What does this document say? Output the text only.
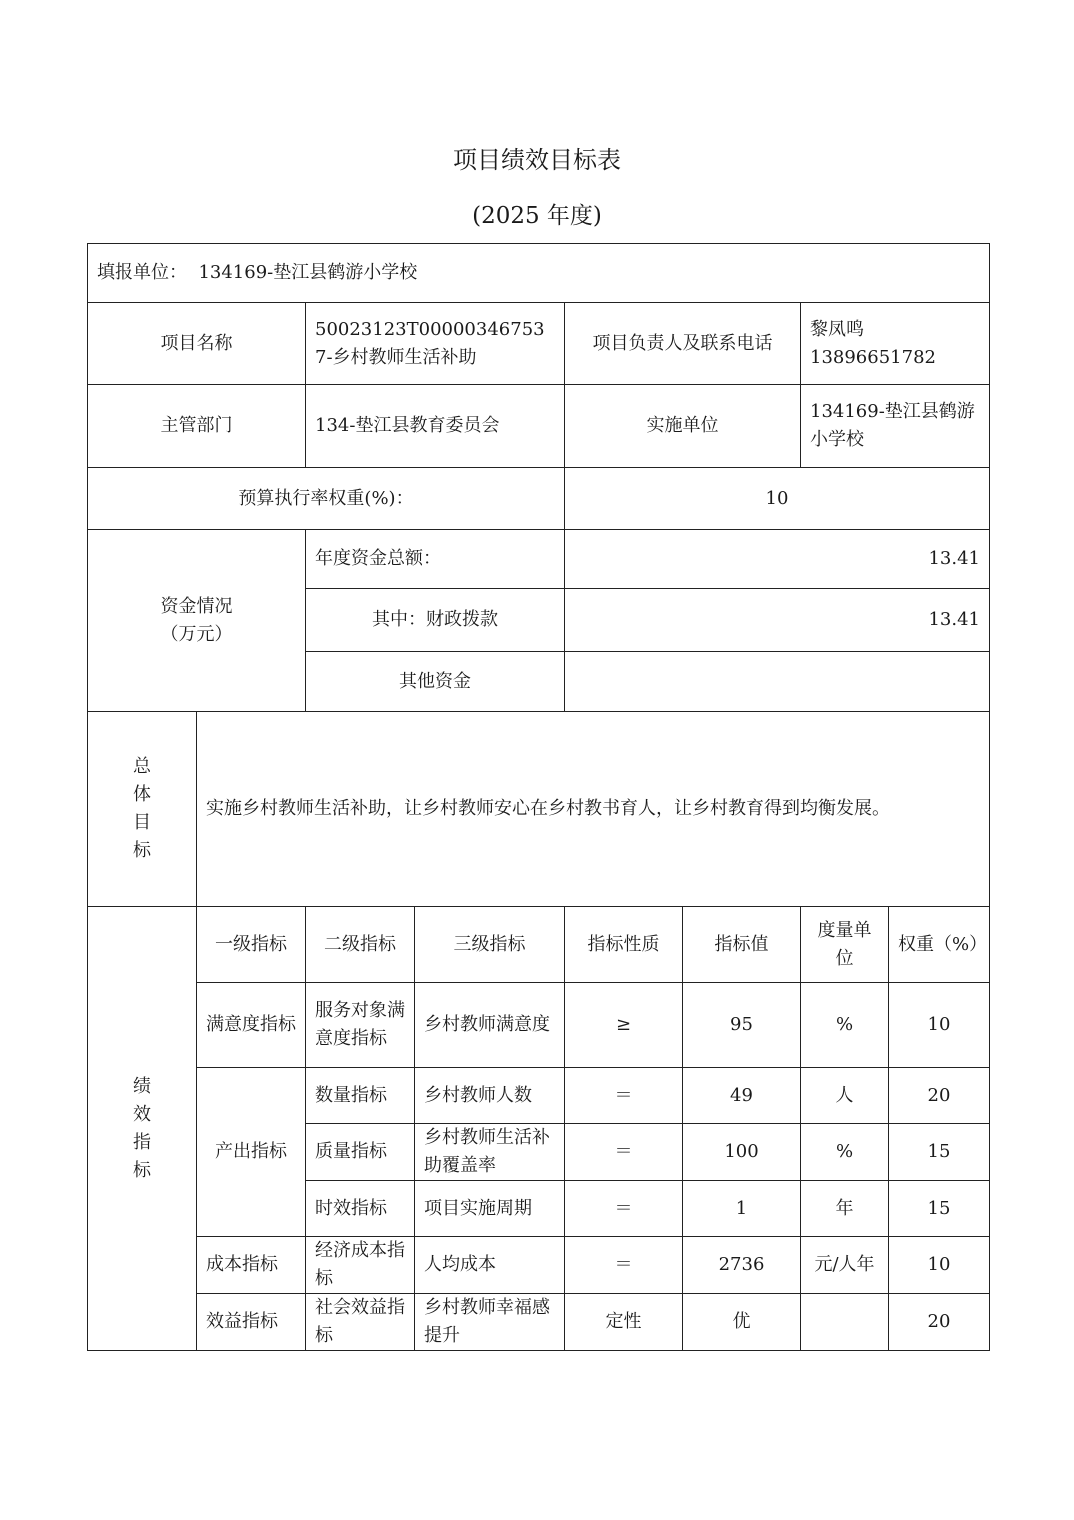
项目绩效目标表
(2025 年度)
填报单位： 134169-垫江县鹤游小学校							
项目名称		50023123T000003467537-乡村教师生活补助		项目负责人及联系电话		黎凤鸣
13896651782	

主管部门		134-垫江县教育委员会		实施单位		134169-垫江县鹤游小学校	
预算执行率权重(%)：				10			

资金情况
（万元）		年度资金总额：		13.41			
		其中：财政拨款		13.41			
		其他资金					

总
体
目
标	实施乡村教师生活补助，让乡村教师安心在乡村教书育人，让乡村教育得到均衡发展。						

绩
效
指
标	一级指标	二级指标	三级指标	指标性质	指标值	度量单位	权重（%）
	满意度指标	服务对象满意度指标	乡村教师满意度	≥	95	%	10
	产出指标	数量指标	乡村教师人数	＝	49	人	20
		质量指标	乡村教师生活补助覆盖率	＝	100	%	15
		时效指标	项目实施周期	＝	1	年	15
	成本指标	经济成本指标	人均成本	＝	2736	元/人年	10
	效益指标	社会效益指标	乡村教师幸福感提升	定性	优		20
